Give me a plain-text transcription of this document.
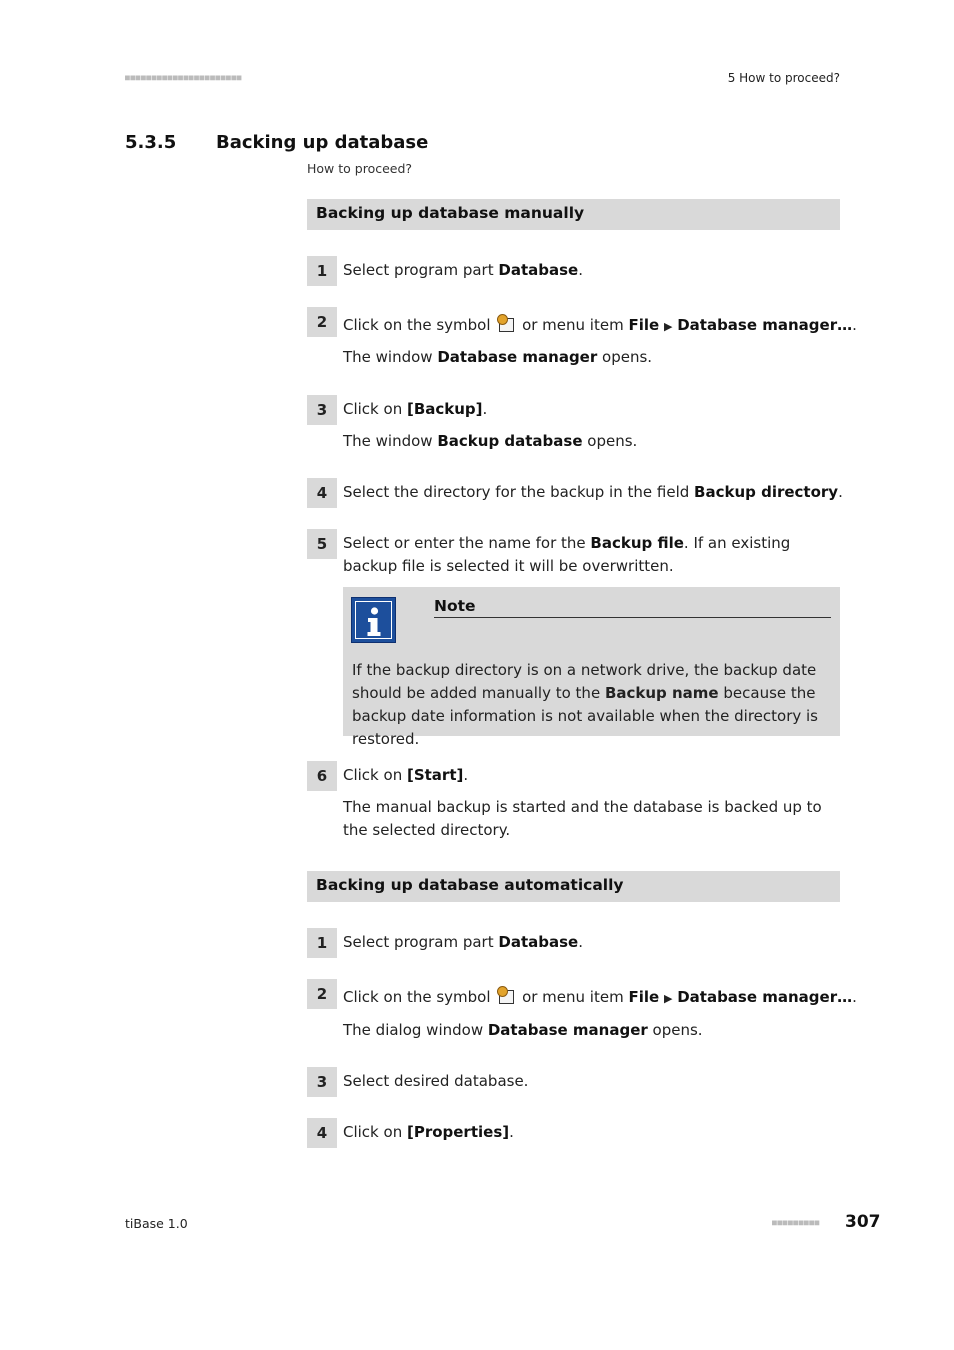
■■■■■■■■■■■■■■■■■■■■■■	5 How to proceed?
5.3.5 Backing up database
How to proceed?
Backing up database manually
1	Select program part Database.
2	Click on the symbol
or menu item File ▶ Database manager….
The window Database manager opens.
3	Click on [Backup].
The window Backup database opens.
4	Select the directory for the backup in the field Backup directory.
5	Select or enter the name for the Backup file. If an existing backup file is selected it will be overwritten.
Note
If the backup directory is on a network drive, the backup date should be added manually to the Backup name because the backup date information is not available when the directory is restored.
6	Click on [Start].
The manual backup is started and the database is backed up to the selected directory.
Backing up database automatically
1	Select program part Database.
2	Click on the symbol
or menu item File ▶ Database manager….
The dialog window Database manager opens.
3	Select desired database.
4	Click on [Properties].
tiBase 1.0	■■■■■■■■■ 307
